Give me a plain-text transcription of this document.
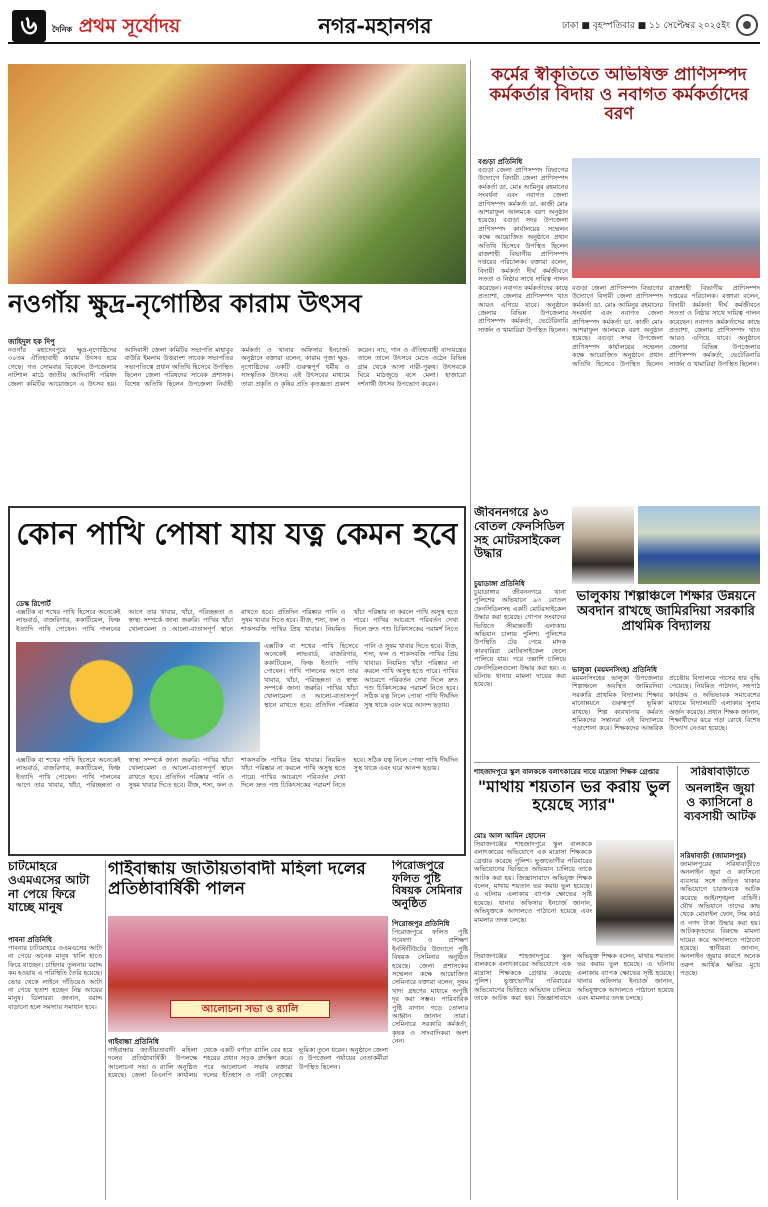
৬	দৈনিক প্রথম সূর্যোদয়	নগর-মহানগর	ঢাকা ■ বৃহস্পতিবার ■ ১১ সেপ্টেম্বর ২০২৫ইং
নওগাঁয় ক্ষুদ্র-নৃগোষ্ঠির কারাম উৎসব
জাহিদুল হক দিপু
নওগাঁর মহাদেবপুরে ক্ষুদ্র-নৃগোষ্ঠিদের ৩০তম ঐতিহ্যবাহী কারাম উৎসব হয়ে গেছে। গত সোমবার বিকেলে উপজেলার নাটশাল মাঠে জাতীয় আদিবাসী পরিষদ জেলা কমিটির আয়োজনে এ উৎসব হয়। আদিবাসী জেলা কমিটির সভাপতি মাহাবুব বাউরি ইমলাম উত্তরাংশ সাবেক সভাপতির সভাপতিত্বে প্রধান অতিথি হিসেবে উপস্থিত ছিলেন জেলা পরিষদের সাবেক প্রশাসক। বিশেষ অতিথি ছিলেন উপজেলা নির্বাহী কর্মকর্তা ও থানার অফিসার ইনচার্জ। অনুষ্ঠানে বক্তারা বলেন, কারাম পূজা ক্ষুদ্র-নৃগোষ্ঠিদের একটি গুরুত্বপূর্ণ ধর্মীয় ও সাংস্কৃতিক উৎসব। এই উৎসবের মাধ্যমে তারা প্রকৃতি ও কৃষির প্রতি কৃতজ্ঞতা প্রকাশ করেন। নাচ, গান ও ঐতিহ্যবাহী বাদ্যযন্ত্রের তালে তালে উৎসবে মেতে ওঠেন বিভিন্ন গ্রাম থেকে আসা নারী-পুরুষ। উৎসবকে ঘিরে মাঠজুড়ে বসে মেলা। হাজারো দর্শনার্থী উৎসব উপভোগ করেন।
কর্মের স্বীকৃতিতে অভিষিক্ত প্রাণিসম্পদ কর্মকর্তার বিদায় ও নবাগত কর্মকর্তাদের বরণ
বগুড়া প্রতিনিধি
বগুড়া জেলা প্রাণিসম্পদ বিভাগের উদ্যোগে বিদায়ী জেলা প্রাণিসম্পদ কর্মকর্তা ডা. মোঃ আমিনুর রহমানের সংবর্ধনা এবং নবাগত জেলা প্রাণিসম্পদ কর্মকর্তা ডা. কাজী মোঃ আশরাফুল আলমকে বরণ অনুষ্ঠান হয়েছে। বগুড়া সদর উপজেলা প্রাণিসম্পদ কার্যালয়ের সম্মেলন কক্ষে আয়োজিত অনুষ্ঠানে প্রধান অতিথি হিসেবে উপস্থিত ছিলেন রাজশাহী বিভাগীয় প্রাণিসম্পদ দপ্তরের পরিচালক। বক্তারা বলেন, বিদায়ী কর্মকর্তা দীর্ঘ কর্মজীবনে সততা ও নিষ্ঠার সাথে দায়িত্ব পালন করেছেন। নবাগত কর্মকর্তাদের কাছে প্রত্যাশা, জেলার প্রাণিসম্পদ খাত আরও এগিয়ে যাবে। অনুষ্ঠানে জেলার বিভিন্ন উপজেলার প্রাণিসম্পদ কর্মকর্তা, ভেটেরিনারি সার্জন ও খামারিরা উপস্থিত ছিলেন।
বগুড়া জেলা প্রাণিসম্পদ বিভাগের উদ্যোগে বিদায়ী জেলা প্রাণিসম্পদ কর্মকর্তা ডা. মোঃ আমিনুর রহমানের সংবর্ধনা এবং নবাগত জেলা প্রাণিসম্পদ কর্মকর্তা ডা. কাজী মোঃ আশরাফুল আলমকে বরণ অনুষ্ঠান হয়েছে। বগুড়া সদর উপজেলা প্রাণিসম্পদ কার্যালয়ের সম্মেলন কক্ষে আয়োজিত অনুষ্ঠানে প্রধান অতিথি হিসেবে উপস্থিত ছিলেন রাজশাহী বিভাগীয় প্রাণিসম্পদ দপ্তরের পরিচালক। বক্তারা বলেন, বিদায়ী কর্মকর্তা দীর্ঘ কর্মজীবনে সততা ও নিষ্ঠার সাথে দায়িত্ব পালন করেছেন। নবাগত কর্মকর্তাদের কাছে প্রত্যাশা, জেলার প্রাণিসম্পদ খাত আরও এগিয়ে যাবে। অনুষ্ঠানে জেলার বিভিন্ন উপজেলার প্রাণিসম্পদ কর্মকর্তা, ভেটেরিনারি সার্জন ও খামারিরা উপস্থিত ছিলেন।
কোন পাখি পোষা যায় যত্ন কেমন হবে
ডেস্ক রিপোর্ট
এক্সটিক বা শখের পাখি হিসেবে অনেকেই লাভবার্ড, বাজরিগার, ককাটিয়েল, ফিঞ্চ ইত্যাদি পাখি পোষেন। পাখি পালনের আগে তার খাবার, খাঁচা, পরিচ্ছন্নতা ও স্বাস্থ্য সম্পর্কে জানা জরুরি। পাখির খাঁচা খোলামেলা ও আলো-বাতাসপূর্ণ স্থানে রাখতে হবে। প্রতিদিন পরিষ্কার পানি ও সুষম খাবার দিতে হবে। বীজ, শস্য, ফল ও শাকসবজি পাখির প্রিয় খাবার। নিয়মিত খাঁচা পরিষ্কার না করলে পাখি অসুস্থ হতে পারে। পাখির আচরণে পরিবর্তন দেখা দিলে দ্রুত পশু চিকিৎসকের পরামর্শ নিতে
এক্সটিক বা শখের পাখি হিসেবে অনেকেই লাভবার্ড, বাজরিগার, ককাটিয়েল, ফিঞ্চ ইত্যাদি পাখি পোষেন। পাখি পালনের আগে তার খাবার, খাঁচা, পরিচ্ছন্নতা ও স্বাস্থ্য সম্পর্কে জানা জরুরি। পাখির খাঁচা খোলামেলা ও আলো-বাতাসপূর্ণ স্থানে রাখতে হবে। প্রতিদিন পরিষ্কার পানি ও সুষম খাবার দিতে হবে। বীজ, শস্য, ফল ও শাকসবজি পাখির প্রিয় খাবার। নিয়মিত খাঁচা পরিষ্কার না করলে পাখি অসুস্থ হতে পারে। পাখির আচরণে পরিবর্তন দেখা দিলে দ্রুত পশু চিকিৎসকের পরামর্শ নিতে হবে। সঠিক যত্ন নিলে পোষা পাখি দীর্ঘদিন সুস্থ থাকে এবং ঘরে আনন্দ ছড়ায়।
এক্সটিক বা শখের পাখি হিসেবে অনেকেই লাভবার্ড, বাজরিগার, ককাটিয়েল, ফিঞ্চ ইত্যাদি পাখি পোষেন। পাখি পালনের আগে তার খাবার, খাঁচা, পরিচ্ছন্নতা ও স্বাস্থ্য সম্পর্কে জানা জরুরি। পাখির খাঁচা খোলামেলা ও আলো-বাতাসপূর্ণ স্থানে রাখতে হবে। প্রতিদিন পরিষ্কার পানি ও সুষম খাবার দিতে হবে। বীজ, শস্য, ফল ও শাকসবজি পাখির প্রিয় খাবার। নিয়মিত খাঁচা পরিষ্কার না করলে পাখি অসুস্থ হতে পারে। পাখির আচরণে পরিবর্তন দেখা দিলে দ্রুত পশু চিকিৎসকের পরামর্শ নিতে হবে। সঠিক যত্ন নিলে পোষা পাখি দীর্ঘদিন সুস্থ থাকে এবং ঘরে আনন্দ ছড়ায়।
জীবননগরে ৯৩ বোতল ফেনসিডিল সহ মোটরসাইকেল উদ্ধার
চুয়াডাঙ্গা প্রতিনিধি
চুয়াডাঙ্গার জীবননগরে থানা পুলিশের অভিযানে ৯৩ বোতল ফেনসিডিলসহ একটি মোটরসাইকেল উদ্ধার করা হয়েছে। গোপন সংবাদের ভিত্তিতে সীমান্তবর্তী এলাকায় অভিযান চালায় পুলিশ। পুলিশের উপস্থিতি টের পেয়ে মাদক কারবারিরা মোটরসাইকেল ফেলে পালিয়ে যায়। পরে তল্লাশি চালিয়ে ফেনসিডিলগুলো উদ্ধার করা হয়। এ ঘটনায় থানায় মামলা দায়ের করা হয়েছে।
ভালুকায় শিল্পাঞ্চলে শিক্ষার উন্নয়নে অবদান রাখছে জামিরদিয়া সরকারি প্রাথমিক বিদ্যালয়
ভালুকা (ময়মনসিংহ) প্রতিনিধি
ময়মনসিংহের ভালুকা উপজেলার শিল্পাঞ্চলে অবস্থিত জামিরদিয়া সরকারি প্রাথমিক বিদ্যালয় শিক্ষার মানোন্নয়নে গুরুত্বপূর্ণ ভূমিকা রাখছে। শিল্প কারখানায় কর্মরত শ্রমিকদের সন্তানরা এই বিদ্যালয়ে পড়াশোনা করে। শিক্ষকদের আন্তরিক প্রচেষ্টায় বিদ্যালয়ে পাসের হার বৃদ্ধি পেয়েছে। নিয়মিত পাঠদান, সহপাঠ কার্যক্রম ও অভিভাবক সমাবেশের মাধ্যমে বিদ্যালয়টি এলাকায় সুনাম অর্জন করেছে। প্রধান শিক্ষক জানান, শিক্ষার্থীদের ঝরে পড়া রোধে বিশেষ উদ্যোগ নেওয়া হয়েছে।
শাহজাদপুরে স্কুল বালককে বলাৎকারের দায়ে মাদ্রাসা শিক্ষক গ্রেপ্তার
"মাথায় শয়তান ভর করায় ভুল হয়েছে স্যার"
মোঃ আল আমিন হোসেন
সিরাজগঞ্জের শাহজাদপুরে স্কুল বালককে বলাৎকারের অভিযোগে এক মাদ্রাসা শিক্ষককে গ্রেপ্তার করেছে পুলিশ। ভুক্তভোগীর পরিবারের অভিযোগের ভিত্তিতে অভিযান চালিয়ে তাকে আটক করা হয়। জিজ্ঞাসাবাদে অভিযুক্ত শিক্ষক বলেন, মাথায় শয়তান ভর করায় ভুল হয়েছে। এ ঘটনায় এলাকায় ব্যাপক ক্ষোভের সৃষ্টি হয়েছে। থানার অফিসার ইনচার্জ জানান, অভিযুক্তকে আদালতে পাঠানো হয়েছে এবং মামলার তদন্ত চলছে।
সিরাজগঞ্জের শাহজাদপুরে স্কুল বালককে বলাৎকারের অভিযোগে এক মাদ্রাসা শিক্ষককে গ্রেপ্তার করেছে পুলিশ। ভুক্তভোগীর পরিবারের অভিযোগের ভিত্তিতে অভিযান চালিয়ে তাকে আটক করা হয়। জিজ্ঞাসাবাদে অভিযুক্ত শিক্ষক বলেন, মাথায় শয়তান ভর করায় ভুল হয়েছে। এ ঘটনায় এলাকায় ব্যাপক ক্ষোভের সৃষ্টি হয়েছে। থানার অফিসার ইনচার্জ জানান, অভিযুক্তকে আদালতে পাঠানো হয়েছে এবং মামলার তদন্ত চলছে।
সরিষাবাড়ীতে
অনলাইন জুয়া ও ক্যাসিনো ৪ ব্যবসায়ী আটক
সরিষাবাড়ী (জামালপুর)
জামালপুরের সরিষাবাড়ীতে অনলাইন জুয়া ও ক্যাসিনো ব্যবসার সঙ্গে জড়িত থাকার অভিযোগে চারজনকে আটক করেছে আইনশৃঙ্খলা বাহিনী। যৌথ অভিযানে তাদের কাছ থেকে মোবাইল ফোন, সিম কার্ড ও নগদ টাকা উদ্ধার করা হয়। আটককৃতদের বিরুদ্ধে মামলা দায়ের করে আদালতে পাঠানো হয়েছে। স্থানীয়রা জানান, অনলাইন জুয়ার কারণে অনেক তরুণ আর্থিক ক্ষতির মুখে পড়ছে।
পিরোজপুরে ফলিত পুষ্টি বিষয়ক সেমিনার অনুষ্ঠিত
পিরোজপুর প্রতিনিধি
পিরোজপুরে ফলিত পুষ্টি গবেষণা ও প্রশিক্ষণ ইনস্টিটিউটের উদ্যোগে পুষ্টি বিষয়ক সেমিনার অনুষ্ঠিত হয়েছে। জেলা প্রশাসকের সম্মেলন কক্ষে আয়োজিত সেমিনারে বক্তারা বলেন, সুষম খাদ্য গ্রহণের মাধ্যমে অপুষ্টি দূর করা সম্ভব। পারিবারিক পুষ্টি বাগান গড়ে তোলার আহ্বান জানান তারা। সেমিনারে সরকারি কর্মকর্তা, কৃষক ও সাংবাদিকরা অংশ নেন।
চাটমোহরে ওএমএসের আটা না পেয়ে ফিরে যাচ্ছে মানুষ
পাবনা প্রতিনিধি
পাবনার চাটমোহরে ওএমএসের আটা না পেয়ে অনেক মানুষ খালি হাতে ফিরে যাচ্ছেন। চাহিদার তুলনায় বরাদ্দ কম হওয়ায় এ পরিস্থিতি তৈরি হয়েছে। ভোর থেকে লাইনে দাঁড়িয়েও আটা না পেয়ে হতাশ হচ্ছেন নিম্ন আয়ের মানুষ। ডিলাররা জানান, বরাদ্দ বাড়ানো হলে সমস্যার সমাধান হবে।
গাইবান্ধায় জাতীয়তাবাদী মহিলা দলের প্রতিষ্ঠাবার্ষিকী পালন
আলোচনা সভা ও র‌্যালি
গাইবান্ধা প্রতিনিধি
গাইবান্ধায় জাতীয়তাবাদী মহিলা দলের প্রতিষ্ঠাবার্ষিকী উপলক্ষে আলোচনা সভা ও র‌্যালি অনুষ্ঠিত হয়েছে। জেলা বিএনপি কার্যালয় থেকে একটি বর্ণাঢ্য র‌্যালি বের হয়ে শহরের প্রধান সড়ক প্রদক্ষিণ করে। পরে আলোচনা সভায় বক্তারা দলের ইতিহাস ও নারী নেতৃত্বের ভূমিকা তুলে ধরেন। অনুষ্ঠানে জেলা ও উপজেলা পর্যায়ের নেতাকর্মীরা উপস্থিত ছিলেন।
